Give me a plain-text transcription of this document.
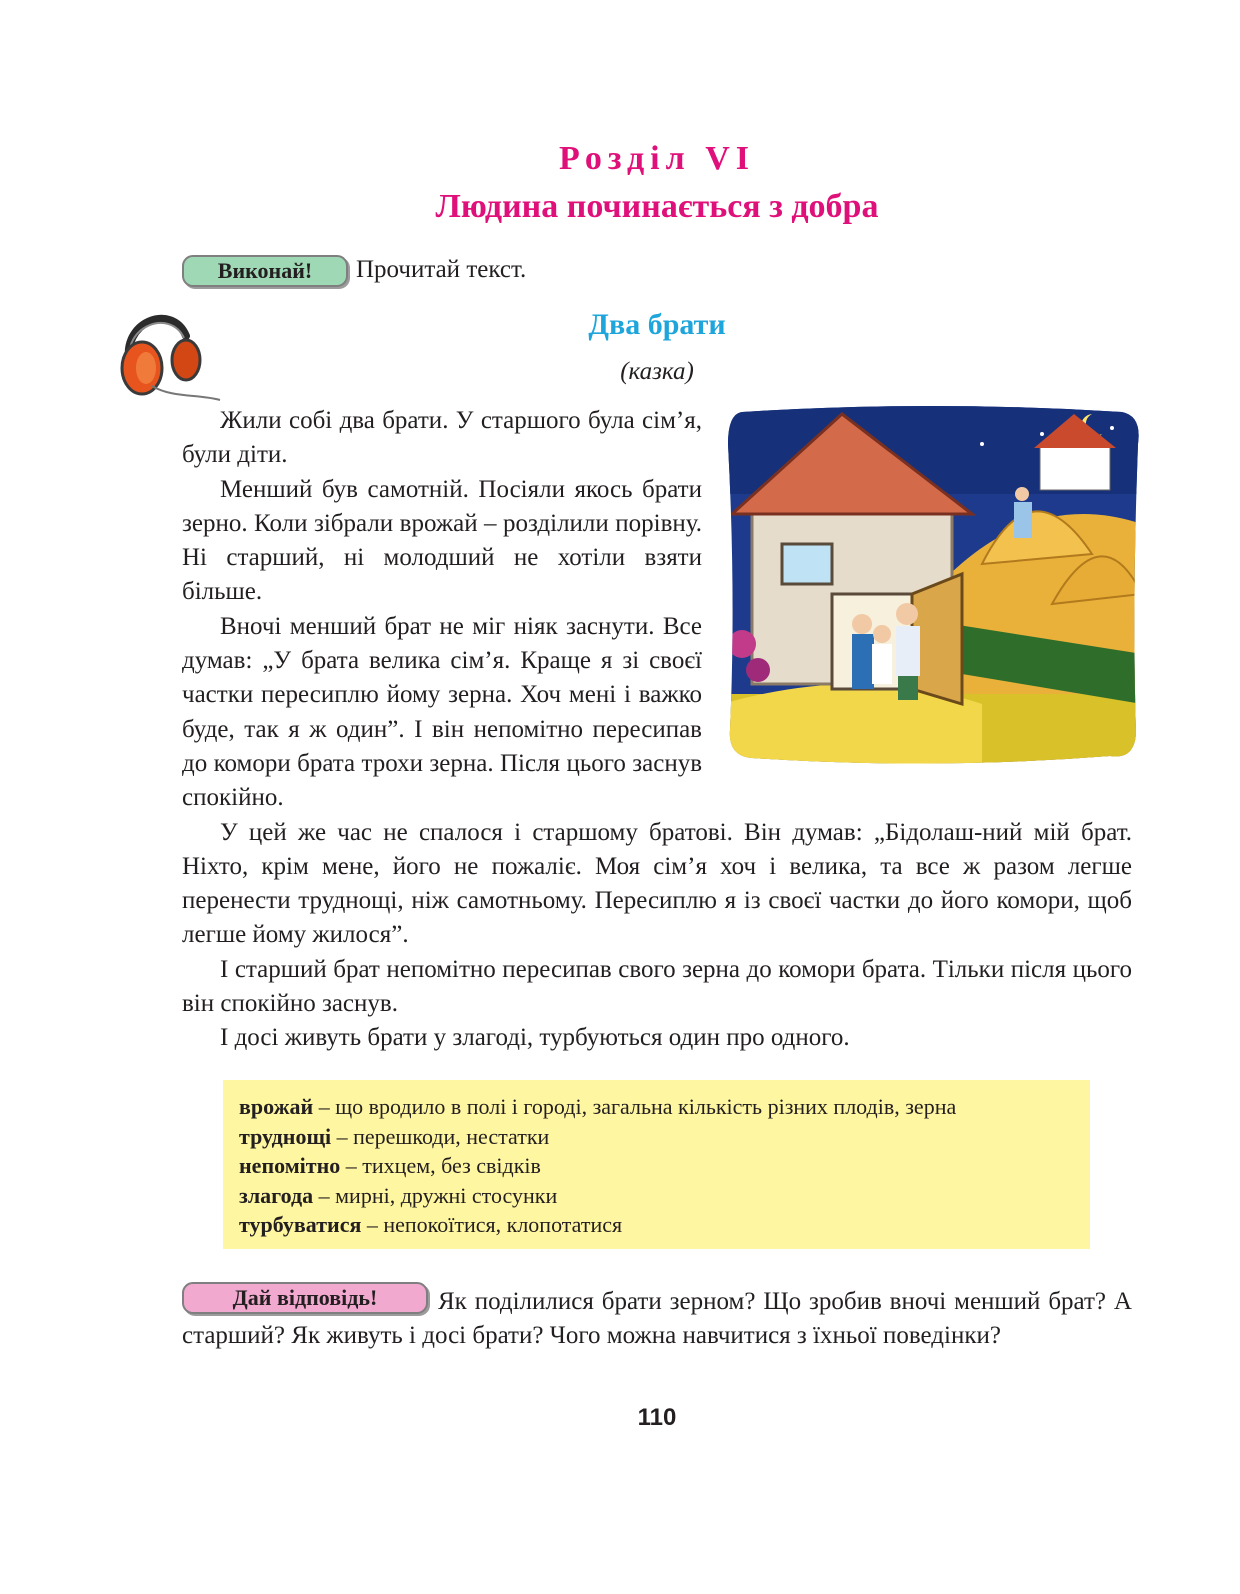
Розділ VI
Людина починається з добра
Виконай!	Прочитай текст.
Два брати
(казка)

Жили собі два брати. У старшого була сім’я, були діти.

Менший був самотній. Посіяли якось брати зерно. Коли зібрали врожай – розділили порівну. Ні старший, ні молодший не хотіли взяти більше.

Вночі менший брат не міг ніяк заснути. Все думав: „У брата велика сім’я. Краще я зі своєї частки пересиплю йому зерна. Хоч мені і важко буде, так я ж один”. І він непомітно пересипав до комори брата трохи зерна. Після цього заснув спокійно.

У цей же час не спалося і старшому братові. Він думав: „Бідолаш-ний мій брат. Ніхто, крім мене, його не пожаліє. Моя сім’я хоч і велика, та все ж разом легше перенести труднощі, ніж самотньому. Пересиплю я із своєї частки до його комори, щоб легше йому жилося”.

І старший брат непомітно пересипав свого зерна до комори брата. Тільки після цього він спокійно заснув.

І досі живуть брати у злагоді, турбуються один про одного.

врожай – що вродило в полі і городі, загальна кількість різних плодів, зерна
труднощі – перешкоди, нестатки
непомітно – тихцем, без свідків
злагода – мирні, дружні стосунки
турбуватися – непокоїтися, клопотатися
Дай відповідь!	Як поділилися брати зерном? Що зробив вночі менший брат? А старший? Як живуть і досі брати? Чого можна навчитися з їхньої поведінки?
110
